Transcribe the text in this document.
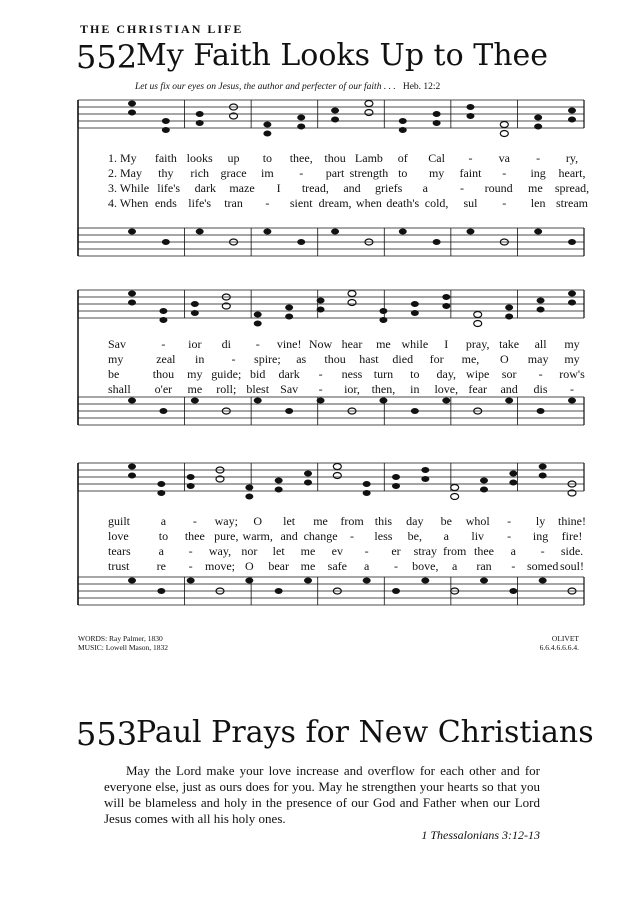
THE CHRISTIAN LIFE
552
My Faith Looks Up to Thee
Let us fix our eyes on Jesus, the author and perfecter of our faith . . . Heb. 12:2
1. My faith looks up to thee, thou Lamb of Cal - va - ry,
2. May thy rich grace im - part strength to my faint - ing heart,
3. While life's dark maze I tread, and griefs a	- round me spread,
4. When ends life's tran - sient dream, when death's cold, sul - len stream
Sav	- ior di - vine! Now hear me while I pray, take all my
my	zeal in - spire; as thou hast died for me, O may my
be	thou my guide; bid dark - ness turn to day, wipe sor - row's
shall o'er me roll; blest Sav - ior, then, in love, fear and dis -
guilt	a - way; O let me from this day be whol - ly thine!
love	to thee pure, warm, and change - less be, a liv - ing fire!
tears a - way, nor let me ev - er stray from thee a - side.
trust re - move; O bear me safe a - bove, a ran - somed soul!
WORDS: Ray Palmer, 1830
MUSIC: Lowell Mason, 1832
OLIVET
6.6.4.6.6.6.4.
553
Paul Prays for New Christians

May the Lord make your love increase and overflow for each other and for everyone else, just as ours does for you. May he strengthen your hearts so that you will be blameless and holy in the presence of our God and Father when our Lord Jesus comes with all his holy ones.

1 Thessalonians 3:12-13
